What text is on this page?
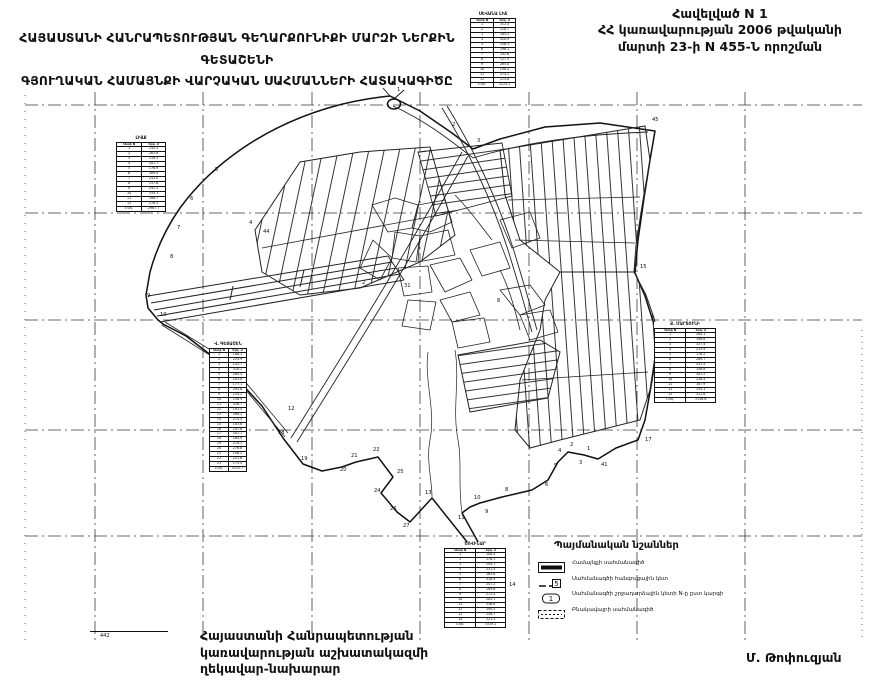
Հավելված N 1
ՀՀ կառավարության 2006 թվականի
մարտի 23-ի N 455-Ն որոշման
ՀԱՅԱՍՏԱՆԻ ՀԱՆՐԱՊԵՏՈՒԹՅԱՆ ԳԵՂԱՐՔՈՒՆԻՔԻ ՄԱՐԶԻ ՆԵՐՔԻՆ ԳԵՏԱՇԵՆԻ
ԳՅՈՒՂԱԿԱՆ ՀԱՄԱՅՆՔԻ ՎԱՐՉԱԿԱՆ ՍԱՀՄԱՆՆԵՐԻ ՀԱՏԱԿԱԳԻԾԸ
1
2
3
45
15
17
41
1
2
3
4
5
6
8
10
9
11
13
14
27
26
24
25
22
21
20
19
18
12
10
9
8
7
6
5
4
44
2	31
8
ՍԵՎԱՆԱ ԼԻՃ
Կետի N	Երկ. մ
1	312.4
2	228.7
3	185.2
4	420.9
5	156.3
6	298.1
7	342.6
8	127.5
9	265.0
10	198.4
11	374.2
12	215.8
Ընդ.	3125.1
ԼԻՃՔ
Կետի N	Երկ. մ
1	145.2
2	263.8
3	318.5
4	201.7
5	176.9
6	389.4
7	243.0
8	157.6
9	292.3
10	334.1
11	188.7
12	276.5
Ընդ.	2987.7
Վ. ԳԵՏԱՇԵՆ
Կետի N	Երկ. մ
1	186.3
2	224.9
3	142.7
4	318.2
5	265.4
6	203.8
7	177.1
8	292.6
9	154.3
10	238.9
11	326.7
12	191.5
13	268.2
14	215.4
15	183.6
16	247.8
17	302.1
18	164.9
19	229.3
20	276.8
21	198.2
22	251.6
23	173.4
Ընդ.	5233.7
Ք. ՄԱՐՏՈՒՆԻ
Կետի N	Երկ. մ
1	264.1
2	198.6
3	327.4
4	215.9
5	176.2
6	289.7
7	243.5
8	158.8
9	301.2
10	226.4
11	187.9
12	254.3
13	312.6
Ընդ.	3156.6
ԾՈՎԻՆԱՐ
Կետի N	Երկ. մ
1	208.4
2	176.3
3	294.7
4	231.5
5	163.8
6	318.9
7	247.2
8	189.6
9	272.4
10	205.1
11	336.8
12	194.5
13	258.7
14	221.3
Ընդ.	3319.2
Պայմանական նշաններ
Համայնքի սահմանագիծ
5
Սահմանագծի հանգուցային կետ
1
Սահմանագծի շրջադարձային կետի N-ը ըստ կարգի
Բնակավայրի սահմանագիծ
442	Հայաստանի Հանրապետության
կառավարության աշխատակազմի
ղեկավար-նախարար
Մ. Թոփուզյան
